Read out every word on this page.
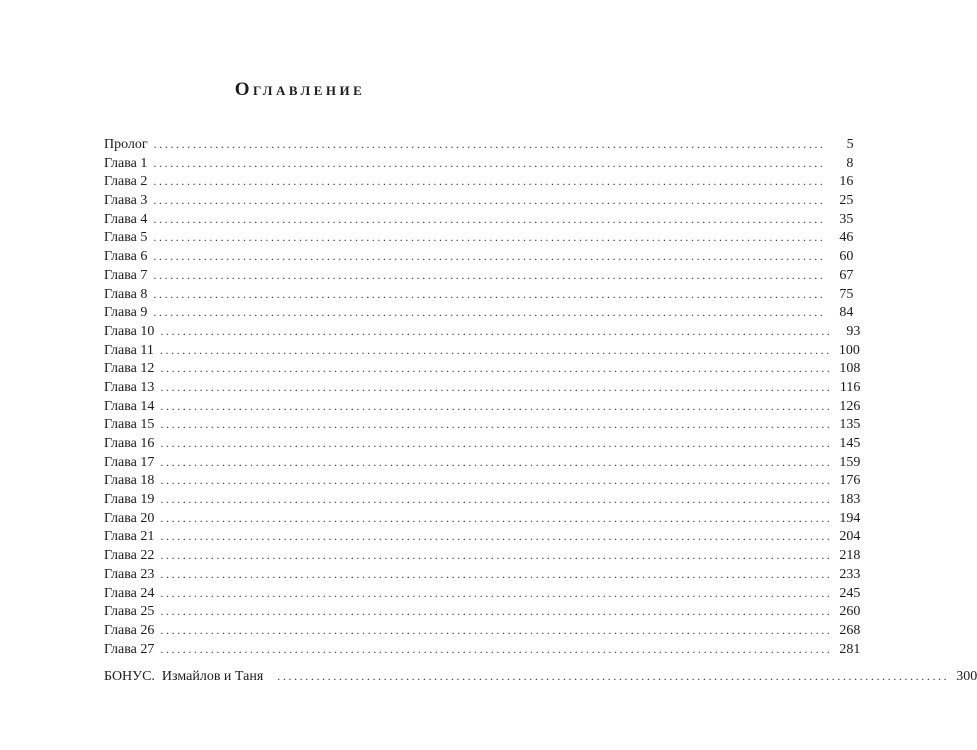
Оглавление
Пролог ........................................................................................................................	5
Глава 1 ........................................................................................................................	8
Глава 2 ........................................................................................................................	16
Глава 3 ........................................................................................................................	25
Глава 4 ........................................................................................................................	35
Глава 5 ........................................................................................................................	46
Глава 6 ........................................................................................................................	60
Глава 7 ........................................................................................................................	67
Глава 8 ........................................................................................................................	75
Глава 9 ........................................................................................................................	84
Глава 10 ........................................................................................................................	93
Глава 11 ........................................................................................................................ 100
Глава 12 ........................................................................................................................ 108
Глава 13 ........................................................................................................................ 116
Глава 14 ........................................................................................................................ 126
Глава 15 ........................................................................................................................ 135
Глава 16 ........................................................................................................................ 145
Глава 17 ........................................................................................................................ 159
Глава 18 ........................................................................................................................ 176
Глава 19 ........................................................................................................................ 183
Глава 20 ........................................................................................................................ 194
Глава 21 ........................................................................................................................ 204
Глава 22 ........................................................................................................................ 218
Глава 23 ........................................................................................................................ 233
Глава 24 ........................................................................................................................ 245
Глава 25 ........................................................................................................................ 260
Глава 26 ........................................................................................................................ 268
Глава 27 ........................................................................................................................ 281
БОНУС.  Измайлов и Таня	........................................................................................................................ 300
